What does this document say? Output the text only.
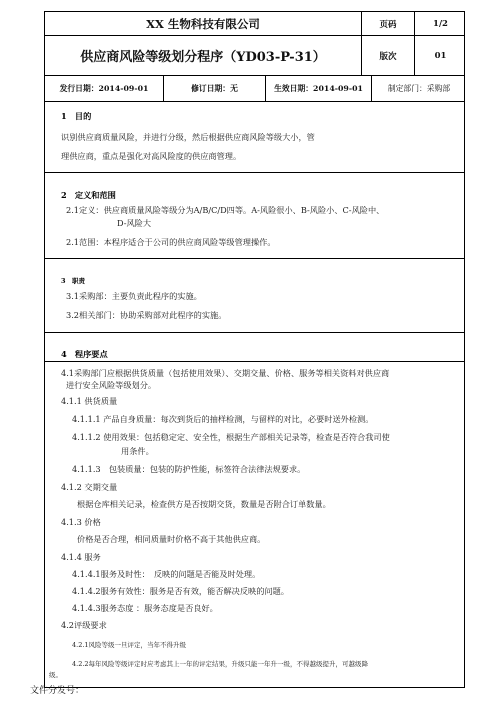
XX 生物科技有限公司	页码	1/2
供应商风险等级划分程序（YD03-P-31）	版次	01
发行日期：2014-09-01	修订日期：无	生效日期：2014-09-01	制定部门：采购部
1　目的
识别供应商质量风险，并进行分级，然后根据供应商风险等级大小，管
理供应商，重点是强化对高风险度的供应商管理。
2　定义和范围
2.1定义：供应商质量风险等级分为A/B/C/D四等。A-风险很小、B-风险小、C-风险中、
D-风险大
2.1范围：本程序适合于公司的供应商风险等级管理操作。
3　职责
3.1采购部：主要负责此程序的实施。
3.2相关部门：协助采购部对此程序的实施。
4　程序要点
4.1采购部门应根据供货质量（包括使用效果）、交期交量、价格、服务等相关资料对供应商
进行安全风险等级划分。
4.1.1 供货质量
4.1.1.1 产品自身质量：每次到货后的抽样检测，与留样的对比，必要时送外检测。
4.1.1.2 使用效果：包括稳定定、安全性，根据生产部相关记录等，检查是否符合我司使
用条件。
4.1.1.3　包装质量：包装的防护性能，标签符合法律法规要求。
4.1.2 交期交量
根据仓库相关记录，检查供方是否按期交货，数量是否附合订单数量。
4.1.3 价格
价格是否合理，相同质量时价格不高于其他供应商。
4.1.4 服务
4.1.4.1服务及时性：　反映的问题是否能及时处理。
4.1.4.2服务有效性：服务是否有效，能否解决反映的问题。
4.1.4.3服务态度 ：服务态度是否良好。
4.2评级要求
4.2.1风险等级一旦评定，当年不得升级
4.2.2每年风险等级评定时应考虑其上一年的评定结果，升级只能一年升一级，不得越级提升，可越级降
级。
文件分发号：
